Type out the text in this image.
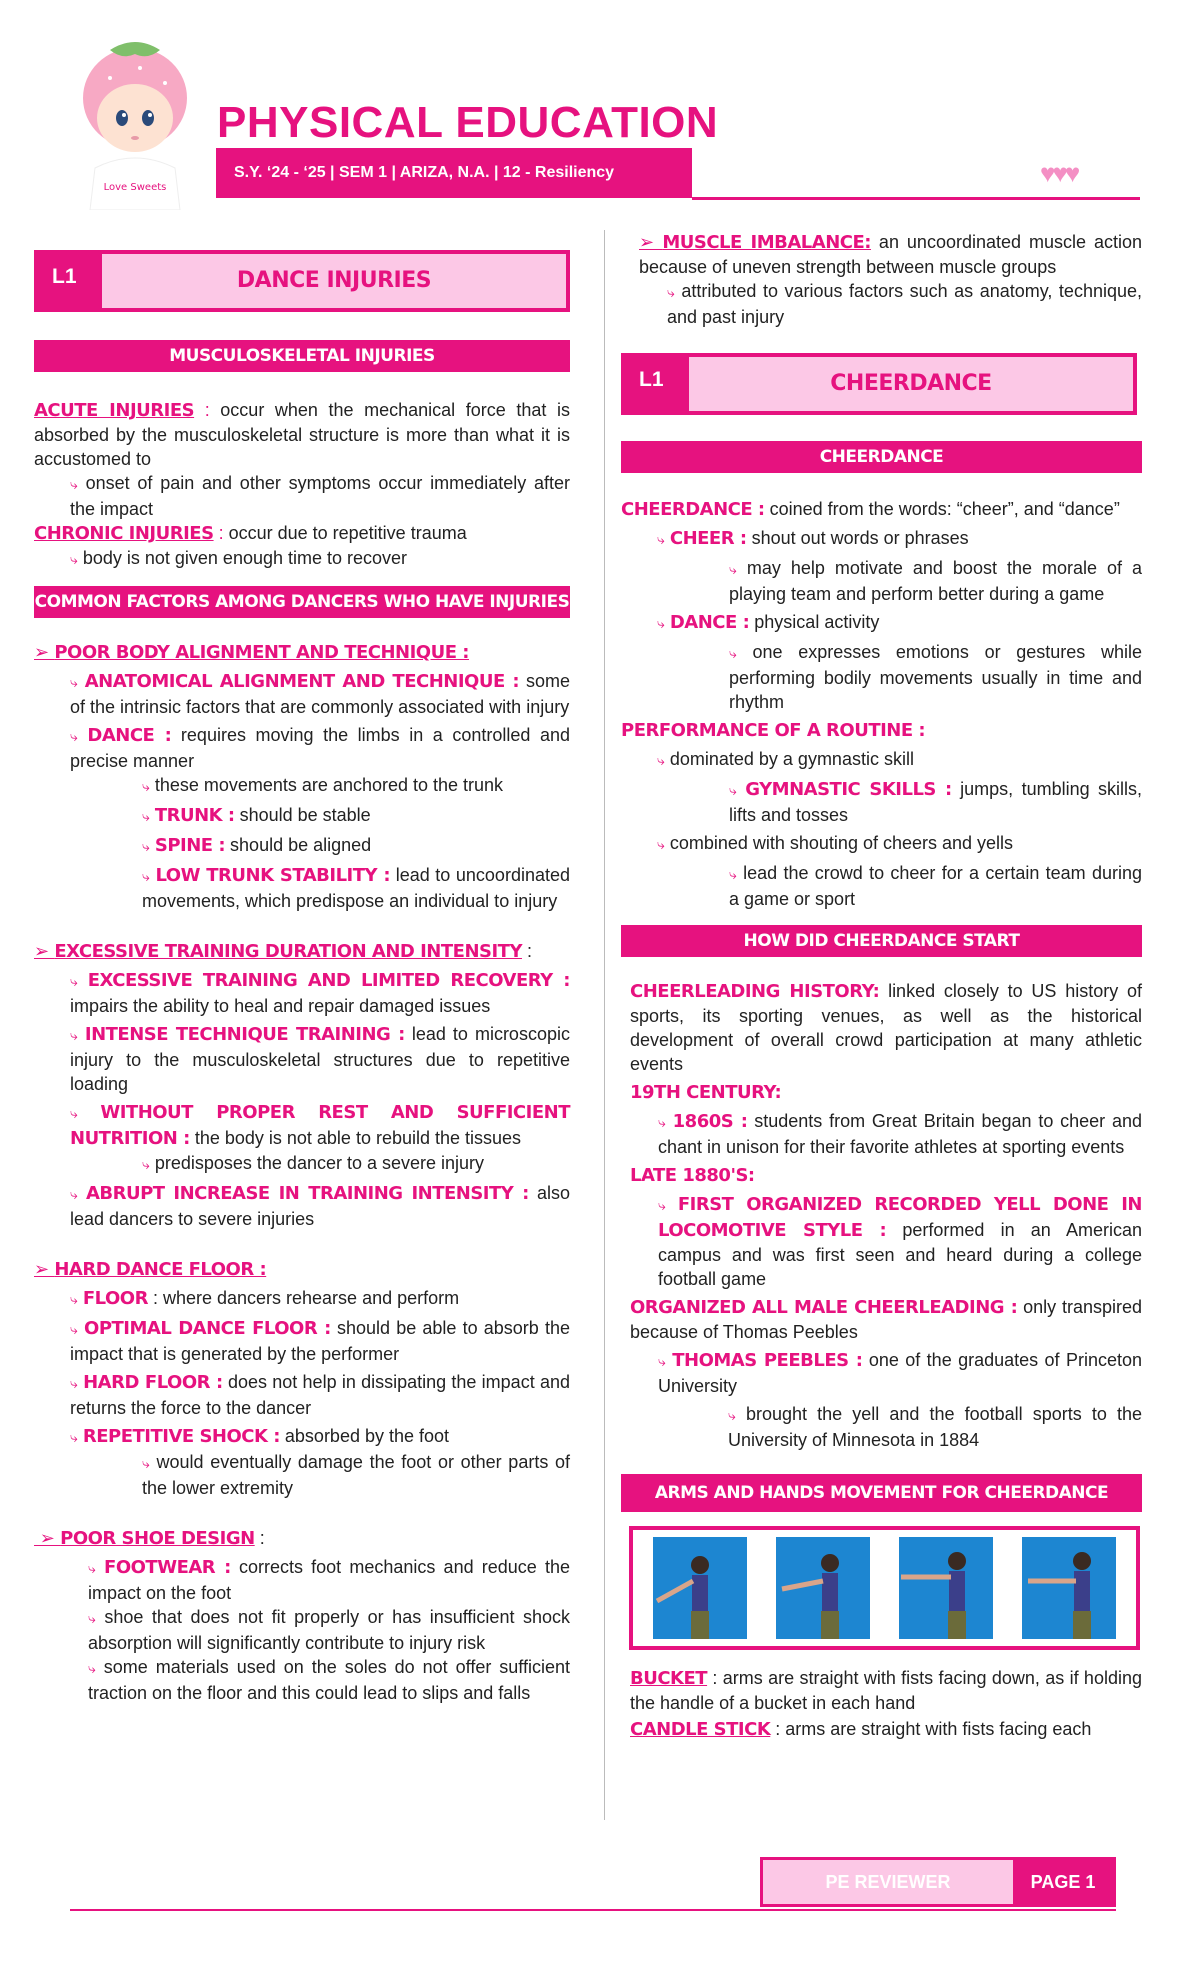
Love Sweets
PHYSICAL EDUCATION
S.Y. ‘24 - ‘25 | SEM 1 | ARIZA, N.A. | 12 - Resiliency	♥♥♥
L1	DANCE INJURIES
MUSCULOSKELETAL INJURIES

ACUTE INJURIES : occur when the mechanical force that is absorbed by the musculoskeletal structure is more than what it is accustomed to

⤷ onset of pain and other symptoms occur immediately after the impact

CHRONIC INJURIES : occur due to repetitive trauma

⤷ body is not given enough time to recover

COMMON FACTORS AMONG DANCERS WHO HAVE INJURIES

➢ POOR BODY ALIGNMENT AND TECHNIQUE :

⤷ ANATOMICAL ALIGNMENT AND TECHNIQUE : some of the intrinsic factors that are commonly associated with injury

⤷ DANCE : requires moving the limbs in a controlled and precise manner

⤷ these movements are anchored to the trunk

⤷ TRUNK : should be stable

⤷ SPINE : should be aligned

⤷ LOW TRUNK STABILITY : lead to uncoordinated movements, which predispose an individual to injury

➢ EXCESSIVE TRAINING DURATION AND INTENSITY :

⤷ EXCESSIVE TRAINING AND LIMITED RECOVERY : impairs the ability to heal and repair damaged issues

⤷ INTENSE TECHNIQUE TRAINING : lead to microscopic injury to the musculoskeletal structures due to repetitive loading

⤷ WITHOUT PROPER REST AND SUFFICIENT NUTRITION : the body is not able to rebuild the tissues

⤷ predisposes the dancer to a severe injury

⤷ ABRUPT INCREASE IN TRAINING INTENSITY : also lead dancers to severe injuries

➢ HARD DANCE FLOOR :

⤷ FLOOR : where dancers rehearse and perform

⤷ OPTIMAL DANCE FLOOR : should be able to absorb the impact that is generated by the performer

⤷ HARD FLOOR : does not help in dissipating the impact and returns the force to the dancer

⤷ REPETITIVE SHOCK : absorbed by the foot

⤷ would eventually damage the foot or other parts of the lower extremity

➢ POOR SHOE DESIGN :

⤷ FOOTWEAR : corrects foot mechanics and reduce the impact on the foot

⤷ shoe that does not fit properly or has insufficient shock absorption will significantly contribute to injury risk

⤷ some materials used on the soles do not offer sufficient traction on the floor and this could lead to slips and falls

➢ MUSCLE IMBALANCE: an uncoordinated muscle action because of uneven strength between muscle groups

⤷ attributed to various factors such as anatomy, technique, and past injury

L1	CHEERDANCE
CHEERDANCE

CHEERDANCE : coined from the words: “cheer”, and “dance”

⤷ CHEER : shout out words or phrases

⤷ may help motivate and boost the morale of a playing team and perform better during a game

⤷ DANCE : physical activity

⤷ one expresses emotions or gestures while performing bodily movements usually in time and rhythm

PERFORMANCE OF A ROUTINE :

⤷ dominated by a gymnastic skill

⤷ GYMNASTIC SKILLS : jumps, tumbling skills, lifts and tosses

⤷ combined with shouting of cheers and yells

⤷ lead the crowd to cheer for a certain team during a game or sport

HOW DID CHEERDANCE START

CHEERLEADING HISTORY: linked closely to US history of sports, its sporting venues, as well as the historical development of overall crowd participation at many athletic events

19TH CENTURY:

⤷ 1860S : students from Great Britain began to cheer and chant in unison for their favorite athletes at sporting events

LATE 1880'S:

⤷ FIRST ORGANIZED RECORDED YELL DONE IN LOCOMOTIVE STYLE : performed in an American campus and was first seen and heard during a college football game

ORGANIZED ALL MALE CHEERLEADING : only transpired because of Thomas Peebles

⤷ THOMAS PEEBLES : one of the graduates of Princeton University

⤷ brought the yell and the football sports to the University of Minnesota in 1884

ARMS AND HANDS MOVEMENT FOR CHEERDANCE

BUCKET : arms are straight with fists facing down, as if holding the handle of a bucket in each hand

CANDLE STICK : arms are straight with fists facing each

PE REVIEWER	PAGE 1
